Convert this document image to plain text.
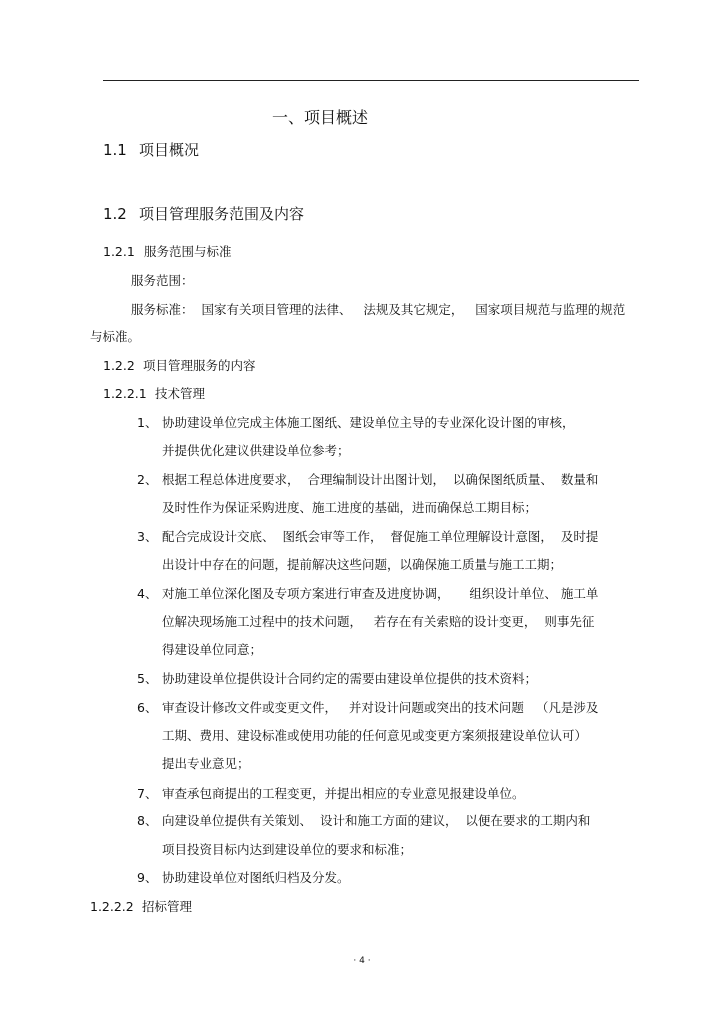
一、项目概述
1.1 项目概况
1.2 项目管理服务范围及内容
1.2.1 服务范围与标准
服务范围：
服务标准：  国家有关项目管理的法律、   法规及其它规定，   国家项目规范与监理的规范
与标准。
1.2.2 项目管理服务的内容
1.2.2.1 技术管理
1、 协助建设单位完成主体施工图纸、建设单位主导的专业深化设计图的审核，
并提供优化建议供建设单位参考；
2、 根据工程总体进度要求，  合理编制设计出图计划，  以确保图纸质量、  数量和
及时性作为保证采购进度、施工进度的基础，进而确保总工期目标；
3、 配合完成设计交底、  图纸会审等工作，  督促施工单位理解设计意图，  及时提
出设计中存在的问题，提前解决这些问题，以确保施工质量与施工工期；
4、 对施工单位深化图及专项方案进行审查及进度协调，     组织设计单位、 施工单
位解决现场施工过程中的技术问题，   若存在有关索赔的设计变更，  则事先征
得建设单位同意；
5、 协助建设单位提供设计合同约定的需要由建设单位提供的技术资料；
6、 审查设计修改文件或变更文件，   并对设计问题或突出的技术问题   （凡是涉及
工期、费用、建设标准或使用功能的任何意见或变更方案须报建设单位认可）
提出专业意见；
7、 审查承包商提出的工程变更，并提出相应的专业意见报建设单位。
8、 向建设单位提供有关策划、  设计和施工方面的建议，  以便在要求的工期内和
项目投资目标内达到建设单位的要求和标准；
9、 协助建设单位对图纸归档及分发。
1.2.2.2 招标管理
· 4 ·
